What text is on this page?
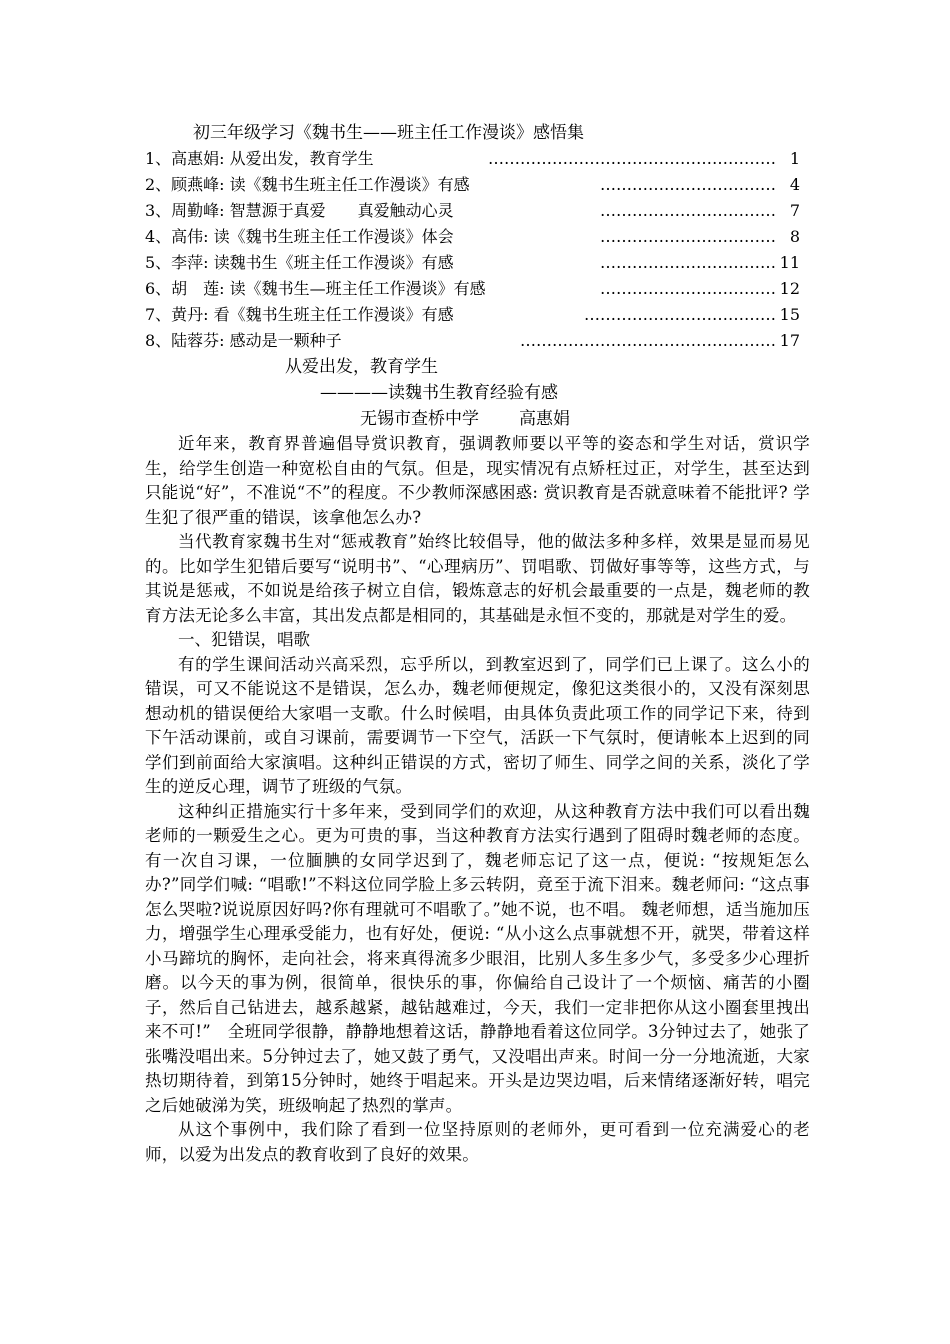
初三年级学习《魏书生——班主任工作漫谈》感悟集
1、高惠娟: 从爱出发，教育学生	……………………………………………… 1
2、顾燕峰: 读《魏书生班主任工作漫谈》有感	…………………………… 4
3、周勤峰: 智慧源于真爱　　真爱触动心灵	…………………………… 7
4、高伟: 读《魏书生班主任工作漫谈》体会	…………………………… 8
5、李萍: 读魏书生《班主任工作漫谈》有感	…………………………… 11
6、胡　莲: 读《魏书生—班主任工作漫谈》有感	…………………………… 12
7、黄丹: 看《魏书生班主任工作漫谈》有感	……………………………… 15
8、陆蓉芬: 感动是一颗种子	………………………………………… 17
从爱出发，教育学生
————读魏书生教育经验有感
无锡市查桥中学 高惠娟

近年来，教育界普遍倡导赏识教育，强调教师要以平等的姿态和学生对话，赏识学生，给学生创造一种宽松自由的气氛。但是，现实情况有点矫枉过正，对学生，甚至达到只能说“好”，不准说“不”的程度。不少教师深感困惑: 赏识教育是否就意味着不能批评? 学生犯了很严重的错误，该拿他怎么办?

当代教育家魏书生对“惩戒教育”始终比较倡导，他的做法多种多样，效果是显而易见的。比如学生犯错后要写“说明书”、“心理病历”、罚唱歌、罚做好事等等，这些方式，与其说是惩戒，不如说是给孩子树立自信，锻炼意志的好机会最重要的一点是，魏老师的教育方法无论多么丰富，其出发点都是相同的，其基础是永恒不变的，那就是对学生的爱。

一、犯错误，唱歌

有的学生课间活动兴高采烈，忘乎所以，到教室迟到了，同学们已上课了。这么小的错误，可又不能说这不是错误，怎么办，魏老师便规定，像犯这类很小的，又没有深刻思想动机的错误便给大家唱一支歌。什么时候唱，由具体负责此项工作的同学记下来，待到下午活动课前，或自习课前，需要调节一下空气，活跃一下气氛时，便请帐本上迟到的同学们到前面给大家演唱。这种纠正错误的方式，密切了师生、同学之间的关系，淡化了学生的逆反心理，调节了班级的气氛。

这种纠正措施实行十多年来，受到同学们的欢迎，从这种教育方法中我们可以看出魏老师的一颗爱生之心。更为可贵的事，当这种教育方法实行遇到了阻碍时魏老师的态度。有一次自习课，一位腼腆的女同学迟到了，魏老师忘记了这一点，便说: “按规矩怎么办?”同学们喊: “唱歌!”不料这位同学脸上多云转阴，竟至于流下泪来。魏老师问: “这点事怎么哭啦?说说原因好吗?你有理就可不唱歌了。”她不说，也不唱。 魏老师想，适当施加压力，增强学生心理承受能力，也有好处，便说: “从小这么点事就想不开，就哭，带着这样小马蹄坑的胸怀，走向社会，将来真得流多少眼泪，比别人多生多少气，多受多少心理折磨。以今天的事为例，很简单，很快乐的事，你偏给自己设计了一个烦恼、痛苦的小圈子，然后自己钻进去，越系越紧，越钻越难过，今天，我们一定非把你从这小圈套里拽出来不可!”　全班同学很静，静静地想着这话，静静地看着这位同学。3分钟过去了，她张了张嘴没唱出来。5分钟过去了，她又鼓了勇气，又没唱出声来。时间一分一分地流逝，大家热切期待着，到第15分钟时，她终于唱起来。开头是边哭边唱，后来情绪逐渐好转，唱完之后她破涕为笑，班级响起了热烈的掌声。

从这个事例中，我们除了看到一位坚持原则的老师外，更可看到一位充满爱心的老师，以爱为出发点的教育收到了良好的效果。
